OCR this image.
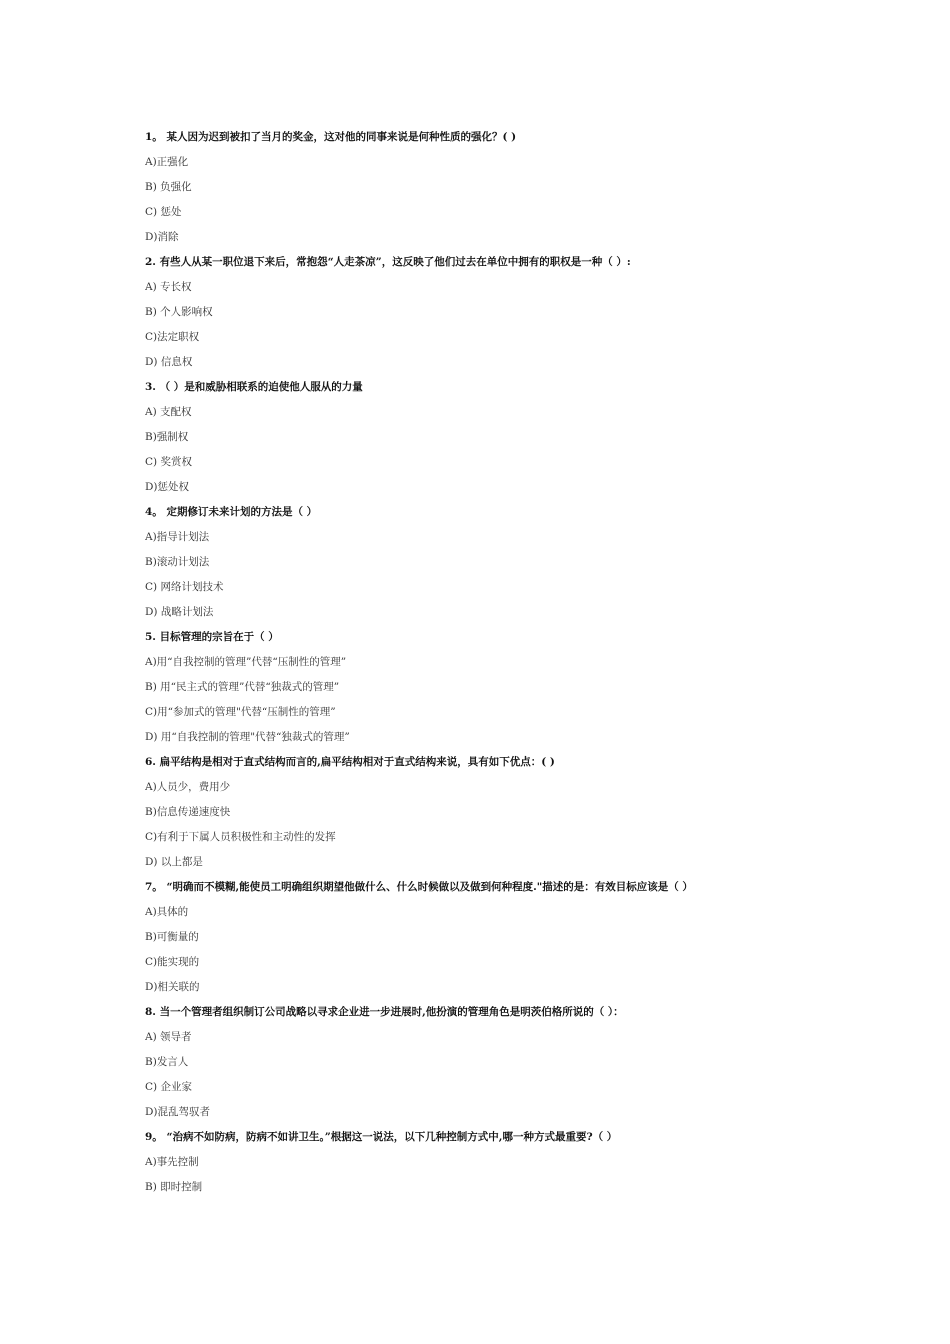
1。 某人因为迟到被扣了当月的奖金，这对他的同事来说是何种性质的强化？( )
A)正强化
B) 负强化
C) 惩处
D)消除
2. 有些人从某一职位退下来后，常抱怨“人走茶凉”，这反映了他们过去在单位中拥有的职权是一种（ ）:
A) 专长权
B) 个人影响权
C)法定职权
D) 信息权
3. （ ）是和威胁相联系的迫使他人服从的力量
A) 支配权
B)强制权
C) 奖赏权
D)惩处权
4。 定期修订未来计划的方法是（ ）
A)指导计划法
B)滚动计划法
C) 网络计划技术
D) 战略计划法
5. 目标管理的宗旨在于（ ）
A)用“自我控制的管理”代替“压制性的管理”
B) 用“民主式的管理”代替“独裁式的管理”
C)用“参加式的管理"代替“压制性的管理”
D) 用“自我控制的管理"代替“独裁式的管理”
6. 扁平结构是相对于直式结构而言的,扁平结构相对于直式结构来说，具有如下优点：( )
A)人员少，费用少
B)信息传递速度快
C)有利于下属人员积极性和主动性的发挥
D) 以上都是
7。 “明确而不模糊,能使员工明确组织期望他做什么、什么时候做以及做到何种程度."描述的是：有效目标应该是（ ）
A)具体的
B)可衡量的
C)能实现的
D)相关联的
8. 当一个管理者组织制订公司战略以寻求企业进一步进展时,他扮演的管理角色是明茨伯格所说的（ ）：
A) 领导者
B)发言人
C) 企业家
D)混乱驾驭者
9。 “治病不如防病，防病不如讲卫生。”根据这一说法，以下几种控制方式中,哪一种方式最重要?（ ）
A)事先控制
B) 即时控制
